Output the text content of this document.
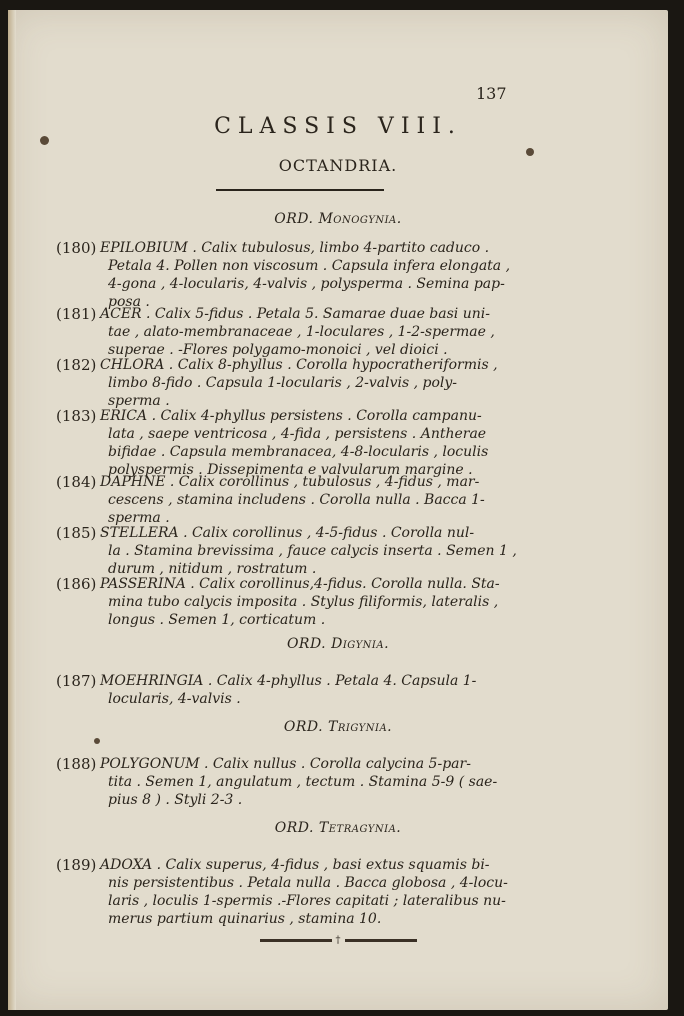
137
CLASSIS VIII.
OCTANDRIA.
ORD. Monogynia.
(180) EPILOBIUM . Calix tubulosus, limbo 4-partito caduco .
Petala 4. Pollen non viscosum . Capsula infera elongata ,
4-gona , 4-locularis, 4-valvis , polysperma . Semina pap-
posa .
(181) ACER . Calix 5-fidus . Petala 5. Samarae duae basi uni-
tae , alato-membranaceae , 1-loculares , 1-2-spermae ,
superae . -Flores polygamo-monoici , vel dioici .
(182) CHLORA . Calix 8-phyllus . Corolla hypocratheriformis ,
limbo 8-fido . Capsula 1-locularis , 2-valvis , poly-
sperma .
(183) ERICA . Calix 4-phyllus persistens . Corolla campanu-
lata , saepe ventricosa , 4-fida , persistens . Antherae
bifidae . Capsula membranacea, 4-8-locularis , loculis
polyspermis . Dissepimenta e valvularum margine .
(184) DAPHNE . Calix corollinus , tubulosus , 4-fidus , mar-
cescens , stamina includens . Corolla nulla . Bacca 1-
sperma .
(185) STELLERA . Calix corollinus , 4-5-fidus . Corolla nul-
la . Stamina brevissima , fauce calycis inserta . Semen 1 ,
durum , nitidum , rostratum .
(186) PASSERINA . Calix corollinus,4-fidus. Corolla nulla. Sta-
mina tubo calycis imposita . Stylus filiformis, lateralis ,
longus . Semen 1, corticatum .
ORD. Digynia.
(187) MOEHRINGIA . Calix 4-phyllus . Petala 4. Capsula 1-
locularis, 4-valvis .
ORD. Trigynia.
(188) POLYGONUM . Calix nullus . Corolla calycina 5-par-
tita . Semen 1, angulatum , tectum . Stamina 5-9 ( sae-
pius 8 ) . Styli 2-3 .
ORD. Tetragynia.
(189) ADOXA . Calix superus, 4-fidus , basi extus squamis bi-
nis persistentibus . Petala nulla . Bacca globosa , 4-locu-
laris , loculis 1-spermis .-Flores capitati ; lateralibus nu-
merus partium quinarius , stamina 10.
†
